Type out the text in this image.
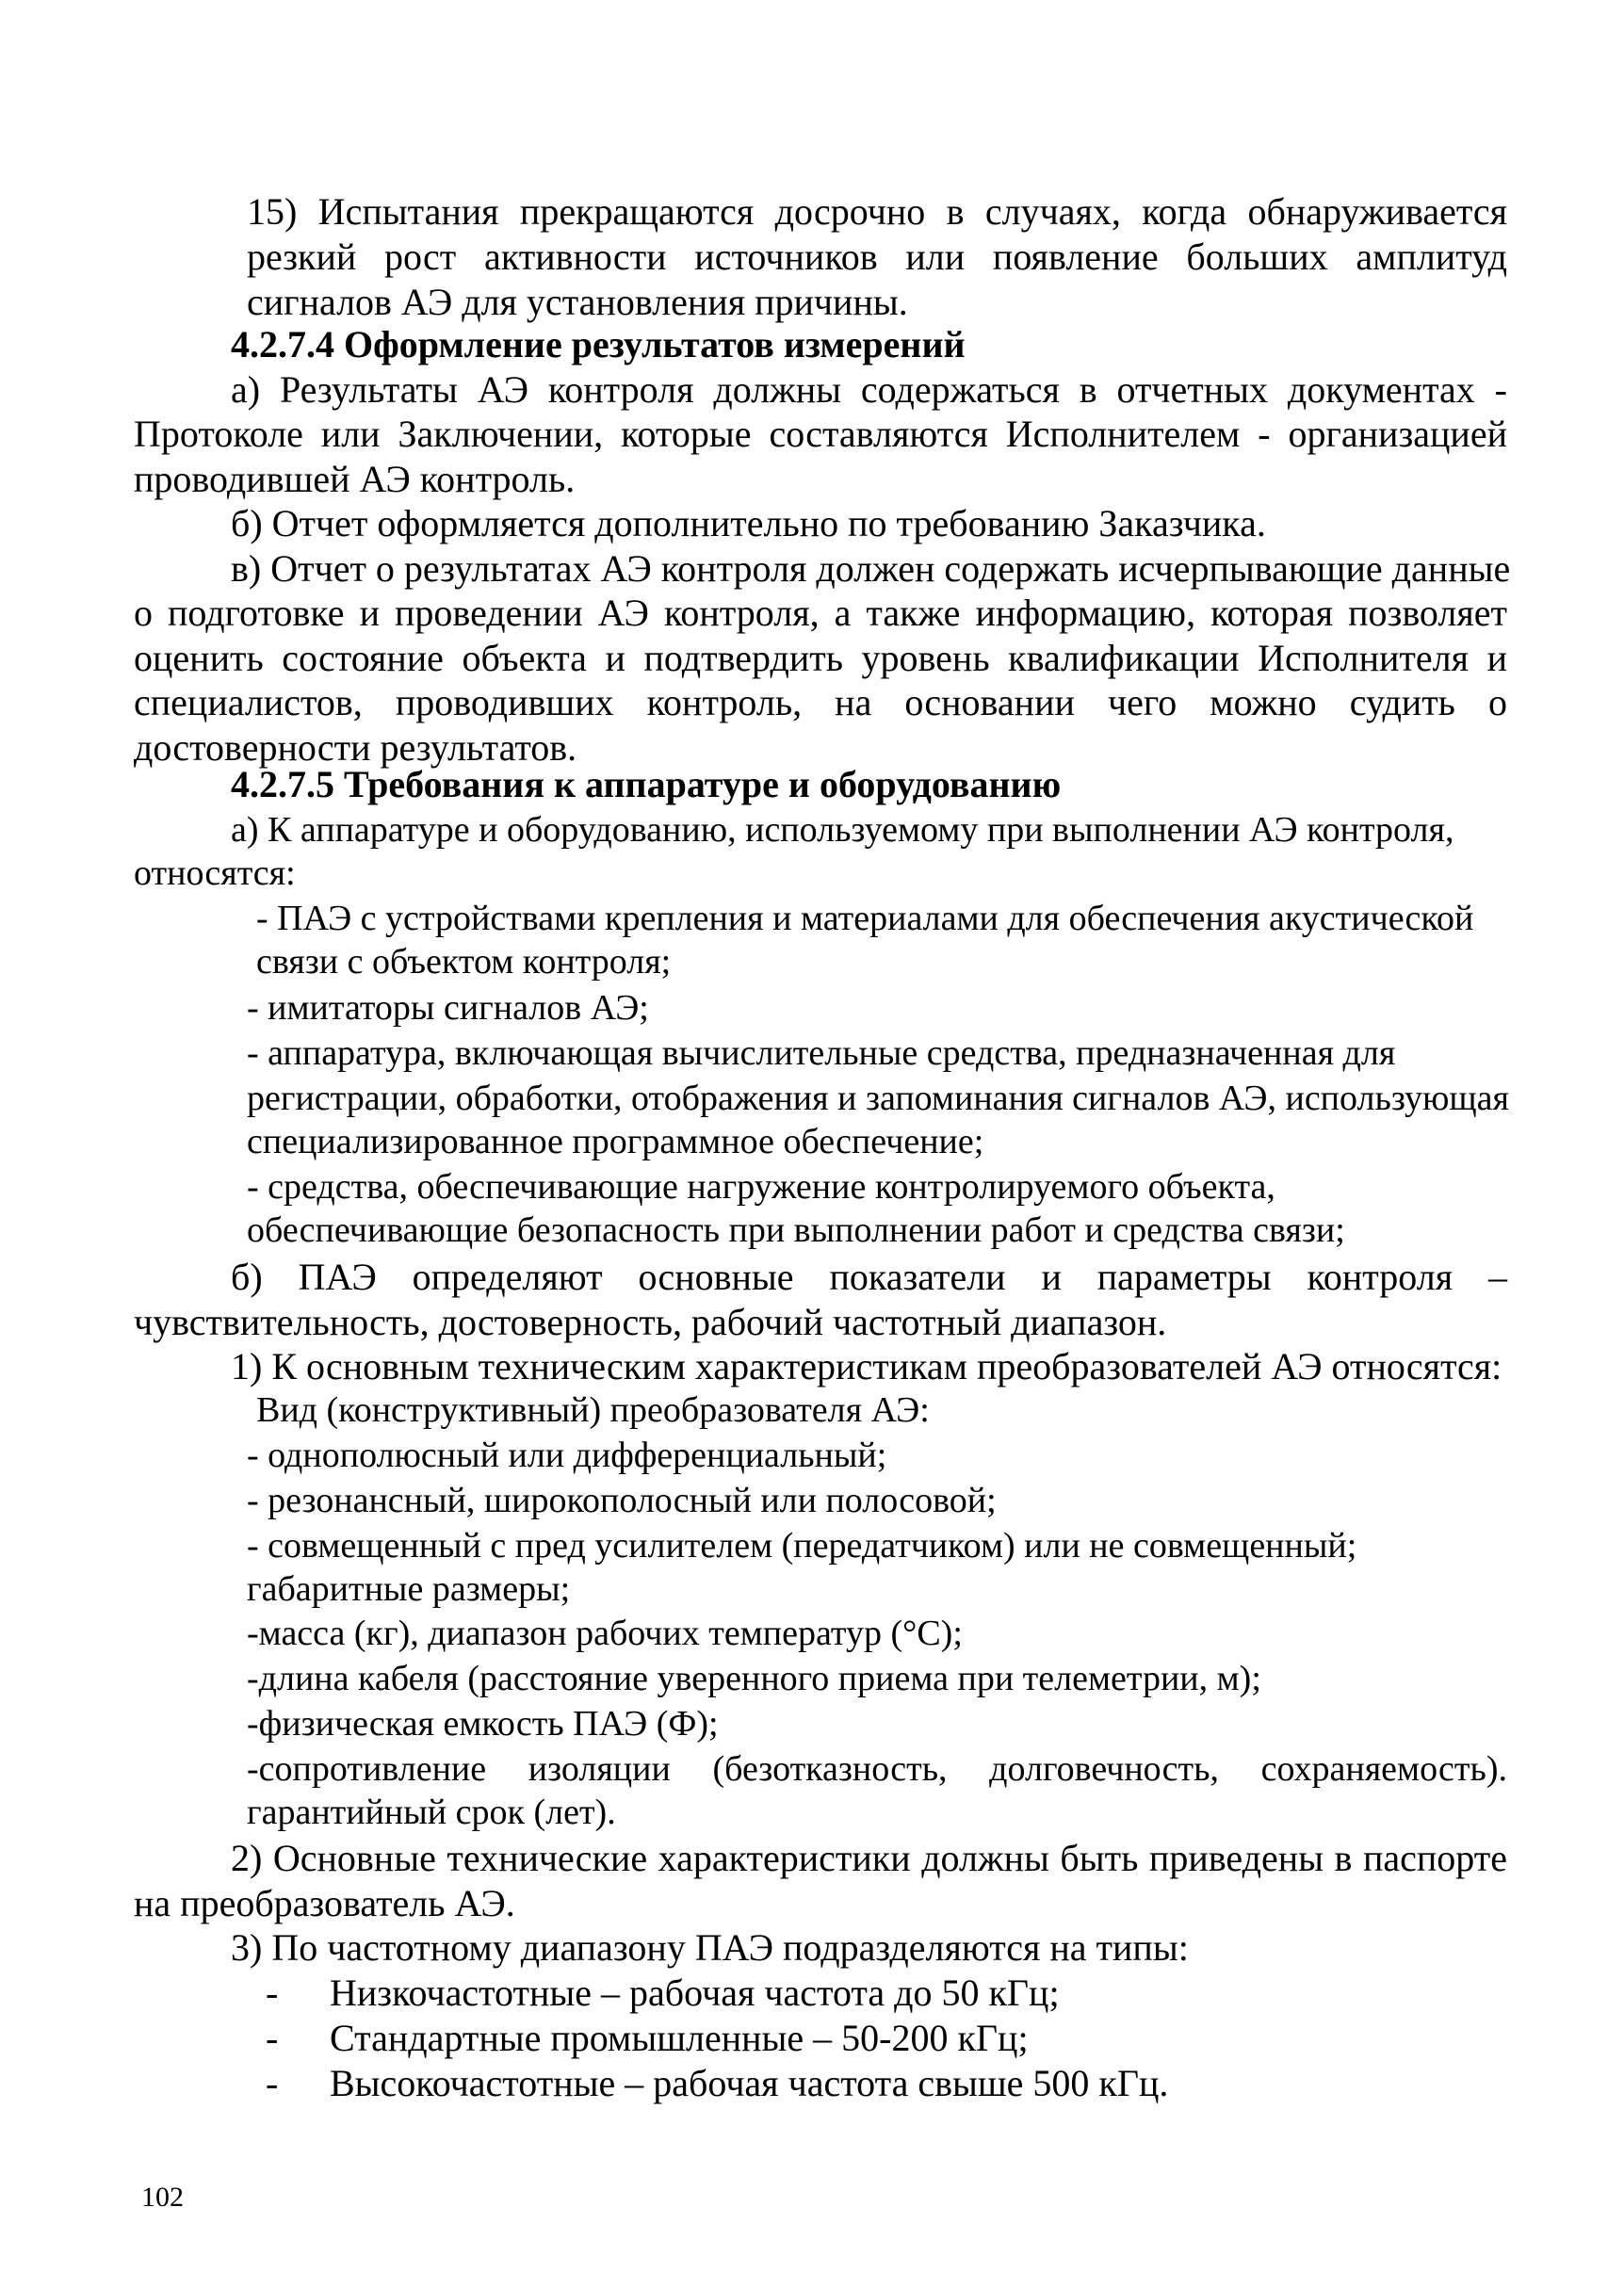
15) Испытания прекращаются досрочно в случаях, когда обнаруживается
резкий рост активности источников или появление больших амплитуд
сигналов АЭ для установления причины.
4.2.7.4 Оформление результатов измерений
а) Результаты АЭ контроля должны содержаться в отчетных документах -
Протоколе или Заключении, которые составляются Исполнителем - организацией
проводившей АЭ контроль.
б) Отчет оформляется дополнительно по требованию Заказчика.
в) Отчет о результатах АЭ контроля должен содержать исчерпывающие данные
о подготовке и проведении АЭ контроля, а также информацию, которая позволяет
оценить состояние объекта и подтвердить уровень квалификации Исполнителя и
специалистов, проводивших контроль, на основании чего можно судить о
достоверности результатов.
4.2.7.5 Требования к аппаратуре и оборудованию
а) К аппаратуре и оборудованию, используемому при выполнении АЭ контроля,
относятся:
- ПАЭ с устройствами крепления и материалами для обеспечения акустической
связи с объектом контроля;
- имитаторы сигналов АЭ;
- аппаратура, включающая вычислительные средства, предназначенная для
регистрации, обработки, отображения и запоминания сигналов АЭ, использующая
специализированное программное обеспечение;
- средства, обеспечивающие нагружение контролируемого объекта,
обеспечивающие безопасность при выполнении работ и средства связи;
б) ПАЭ определяют основные показатели и параметры контроля –
чувствительность, достоверность, рабочий частотный диапазон.
1) К основным техническим характеристикам преобразователей АЭ относятся:
Вид (конструктивный) преобразователя АЭ:
- однополюсный или дифференциальный;
- резонансный, широкополосный или полосовой;
- совмещенный с пред усилителем (передатчиком) или не совмещенный;
габаритные размеры;
-масса (кг), диапазон рабочих температур (°С);
-длина кабеля (расстояние уверенного приема при телеметрии, м);
-физическая емкость ПАЭ (Ф);
-сопротивление изоляции (безотказность, долговечность, сохраняемость).
гарантийный срок (лет).
2) Основные технические характеристики должны быть приведены в паспорте
на преобразователь АЭ.
3) По частотному диапазону ПАЭ подразделяются на типы:
- Низкочастотные – рабочая частота до 50 кГц;
- Стандартные промышленные – 50-200 кГц;
- Высокочастотные – рабочая частота свыше 500 кГц.
102
